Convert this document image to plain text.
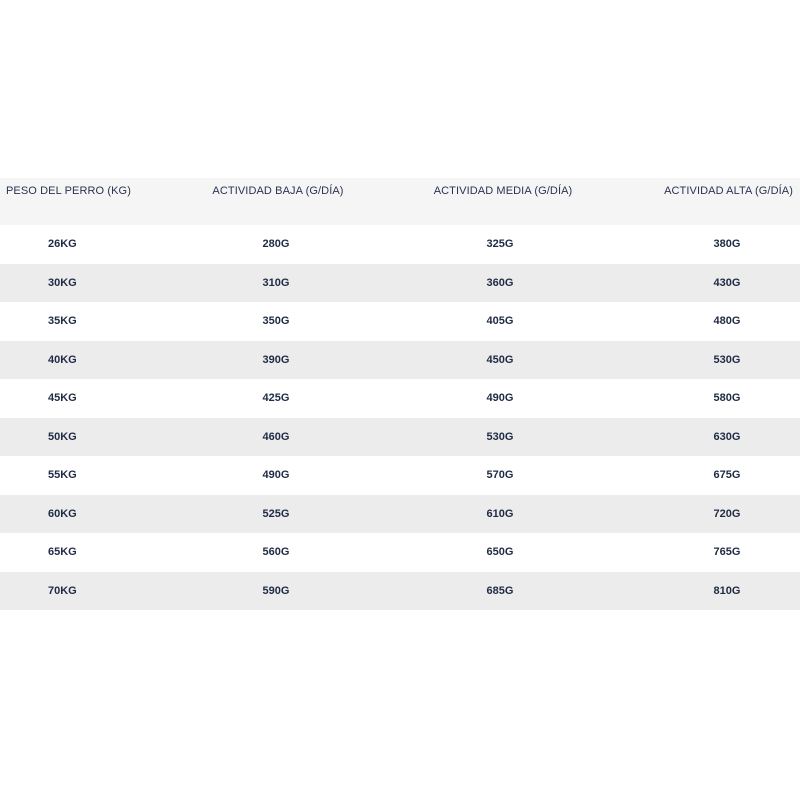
PESO DEL PERRO (KG)	ACTIVIDAD BAJA (G/DÍA)	ACTIVIDAD MEDIA (G/DÍA)	ACTIVIDAD ALTA (G/DÍA)
26KG	280G	325G	380G
30KG	310G	360G	430G
35KG	350G	405G	480G
40KG	390G	450G	530G
45KG	425G	490G	580G
50KG	460G	530G	630G
55KG	490G	570G	675G
60KG	525G	610G	720G
65KG	560G	650G	765G
70KG	590G	685G	810G
